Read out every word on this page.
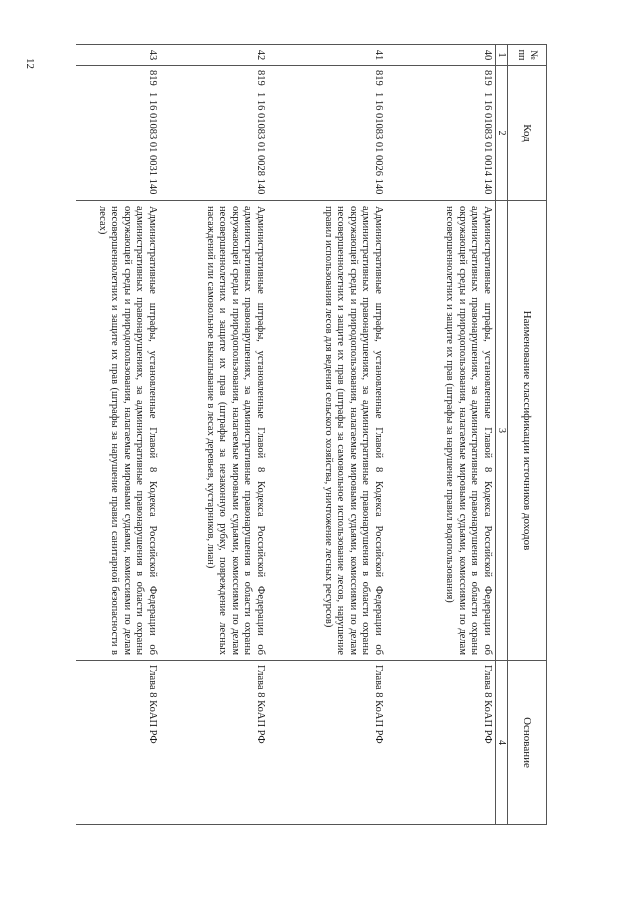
12
№
пп	Код	Наименование классификации источников доходов	Основание
1	2	3	4
40	8191 16 01083 01 0014 140	Административные штрафы, установленные Главой 8 Кодекса Российской Федерации об административных правонарушениях, за административные правонарушения в области охраны окружающей среды и природопользования, налагаемые мировыми судьями, комиссиями по делам несовершеннолетних и защите их прав (штрафы за нарушение правил водопользования)	Глава 8 КоАП РФ
41	8191 16 01083 01 0026 140	Административные штрафы, установленные Главой 8 Кодекса Российской Федерации об административных правонарушениях, за административные правонарушения в области охраны окружающей среды и природопользования, налагаемые мировыми судьями, комиссиями по делам несовершеннолетних и защите их прав (штрафы за самовольное использование лесов, нарушение правил использования лесов для ведения сельского хозяйства, уничтожение лесных ресурсов)	Глава 8 КоАП РФ
42	8191 16 01083 01 0028 140	Административные штрафы, установленные Главой 8 Кодекса Российской Федерации об административных правонарушениях, за административные правонарушения в области охраны окружающей среды и природопользования, налагаемые мировыми судьями, комиссиями по делам несовершеннолетних и защите их прав (штрафы за незаконную рубку, повреждение лесных насаждений или самовольное выкапывание в лесах деревьев, кустарников, лиан)	Глава 8 КоАП РФ
43	8191 16 01083 01 0031 140	Административные штрафы, установленные Главой 8 Кодекса Российской Федерации об административных правонарушениях, за административные правонарушения в области охраны окружающей среды и природопользования, налагаемые мировыми судьями, комиссиями по делам несовершеннолетних и защите их прав (штрафы за нарушение правил санитарной безопасности в лесах)	Глава 8 КоАП РФ
